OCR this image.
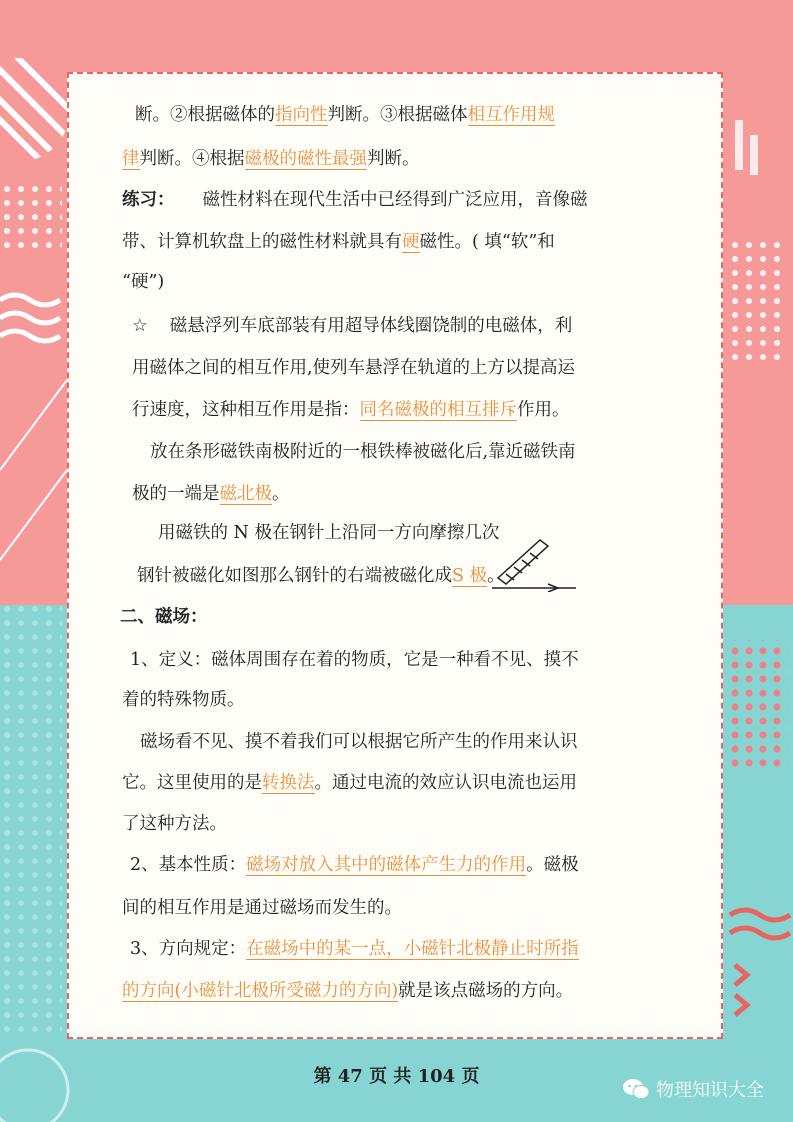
断。②根据磁体的指向性判断。③根据磁体相互作用规
律判断。④根据磁极的磁性最强判断。
练习： 磁性材料在现代生活中已经得到广泛应用，音像磁
带、计算机软盘上的磁性材料就具有硬磁性。( 填“软”和
“硬”)
☆ 磁悬浮列车底部装有用超导体线圈饶制的电磁体，利
用磁体之间的相互作用,使列车悬浮在轨道的上方以提高运
行速度，这种相互作用是指：同名磁极的相互排斥作用。
放在条形磁铁南极附近的一根铁棒被磁化后,靠近磁铁南
极的一端是磁北极。
用磁铁的 N 极在钢针上沿同一方向摩擦几次
钢针被磁化如图那么钢针的右端被磁化成S 极。
二、磁场：
1、定义：磁体周围存在着的物质，它是一种看不见、摸不
着的特殊物质。
磁场看不见、摸不着我们可以根据它所产生的作用来认识
它。这里使用的是转换法。通过电流的效应认识电流也运用
了这种方法。
2、基本性质：磁场对放入其中的磁体产生力的作用。磁极
间的相互作用是通过磁场而发生的。
3、方向规定：在磁场中的某一点，小磁针北极静止时所指
的方向(小磁针北极所受磁力的方向)就是该点磁场的方向。
第 47 页 共 104 页
物理知识大全
